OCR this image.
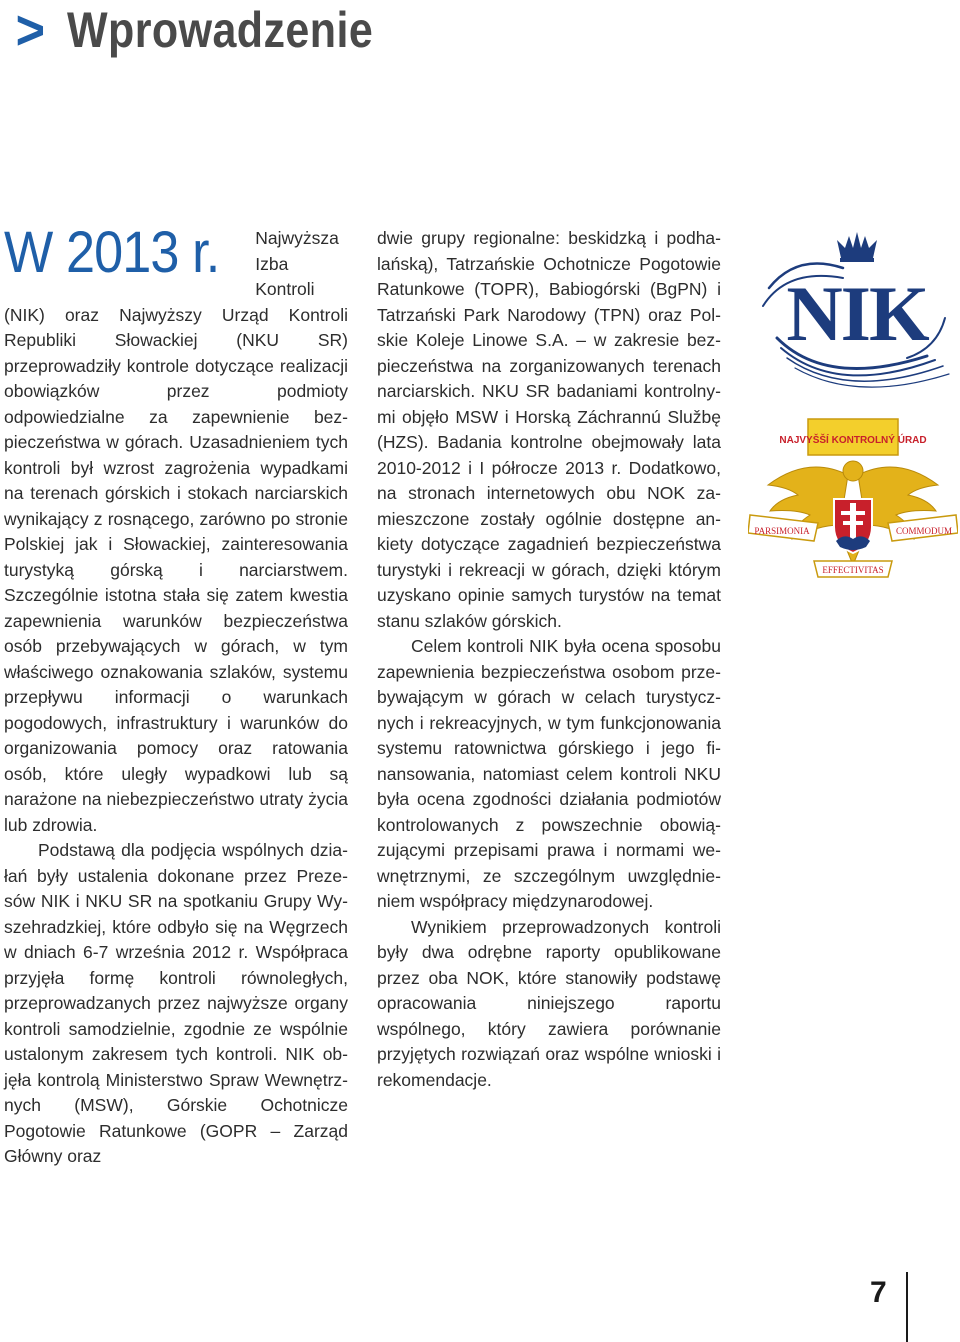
> Wprowadzenie

W 2013 r. Najwyższa Izba Kontroli (NIK) oraz Najwyższy Urząd Kontroli Republiki Słowackiej (NKU SR) przeprowadziły kontrole dotyczące realizacji obowiązków przez podmioty odpowiedzialne za zapewnienie bezpieczeństwa w górach. Uzasadnieniem tych kontroli był wzrost zagrożenia wypadkami na terenach górskich i stokach narciarskich wynikający z rosnącego, zarówno po stronie Polskiej jak i Słowackiej, zainteresowania turystyką górską i narciarstwem. Szczególnie istotna stała się zatem kwestia zapewnienia warunków bezpieczeństwa osób przebywających w górach, w tym właściwego oznakowania szlaków, systemu przepływu informacji o warunkach pogodowych, infrastruktury i warunków do organizowania pomocy oraz ratowania osób, które uległy wypadkowi lub są narażone na niebezpieczeństwo utraty życia lub zdrowia.

Podstawą dla podjęcia wspólnych działań były ustalenia dokonane przez Prezesów NIK i NKU SR na spotkaniu Grupy Wyszehradzkiej, które odbyło się na Węgrzech w dniach 6-7 września 2012 r. Współpraca przyjęła formę kontroli równoległych, przeprowadzanych przez najwyższe organy kontroli samodzielnie, zgodnie ze wspólnie ustalonym zakresem tych kontroli. NIK objęła kontrolą Ministerstwo Spraw Wewnętrznych (MSW), Górskie Ochotnicze Pogotowie Ratunkowe (GOPR – Zarząd Główny oraz

dwie grupy regionalne: beskidzką i podhalańską), Tatrzańskie Ochotnicze Pogotowie Ratunkowe (TOPR), Babiogórski (BgPN) i Tatrzański Park Narodowy (TPN) oraz Polskie Koleje Linowe S.A. – w zakresie bezpieczeństwa na zorganizowanych terenach narciarskich. NKU SR badaniami kontrolnymi objęło MSW i Horską Záchrannú Službę (HZS). Badania kontrolne obejmowały lata 2010-2012 i I półrocze 2013 r. Dodatkowo, na stronach internetowych obu NOK zamieszczone zostały ogólnie dostępne ankiety dotyczące zagadnień bezpieczeństwa turystyki i rekreacji w górach, dzięki którym uzyskano opinie samych turystów na temat stanu szlaków górskich.

Celem kontroli NIK była ocena sposobu zapewnienia bezpieczeństwa osobom przebywającym w górach w celach turystycznych i rekreacyjnych, w tym funkcjonowania systemu ratownictwa górskiego i jego finansowania, natomiast celem kontroli NKU była ocena zgodności działania podmiotów kontrolowanych z powszechnie obowiązującymi przepisami prawa i normami wewnętrznymi, ze szczególnym uwzględnieniem współpracy międzynarodowej.

Wynikiem przeprowadzonych kontroli były dwa odrębne raporty opublikowane przez oba NOK, które stanowiły podstawę opracowania niniejszego raportu wspólnego, który zawiera porównanie przyjętych rozwiązań oraz wspólne wnioski i rekomendacje.

NIK
NAJVYŠŠÍ KONTROLNÝ ÚRAD
PARSIMONIA	COMMODUM
EFFECTIVITAS
7
